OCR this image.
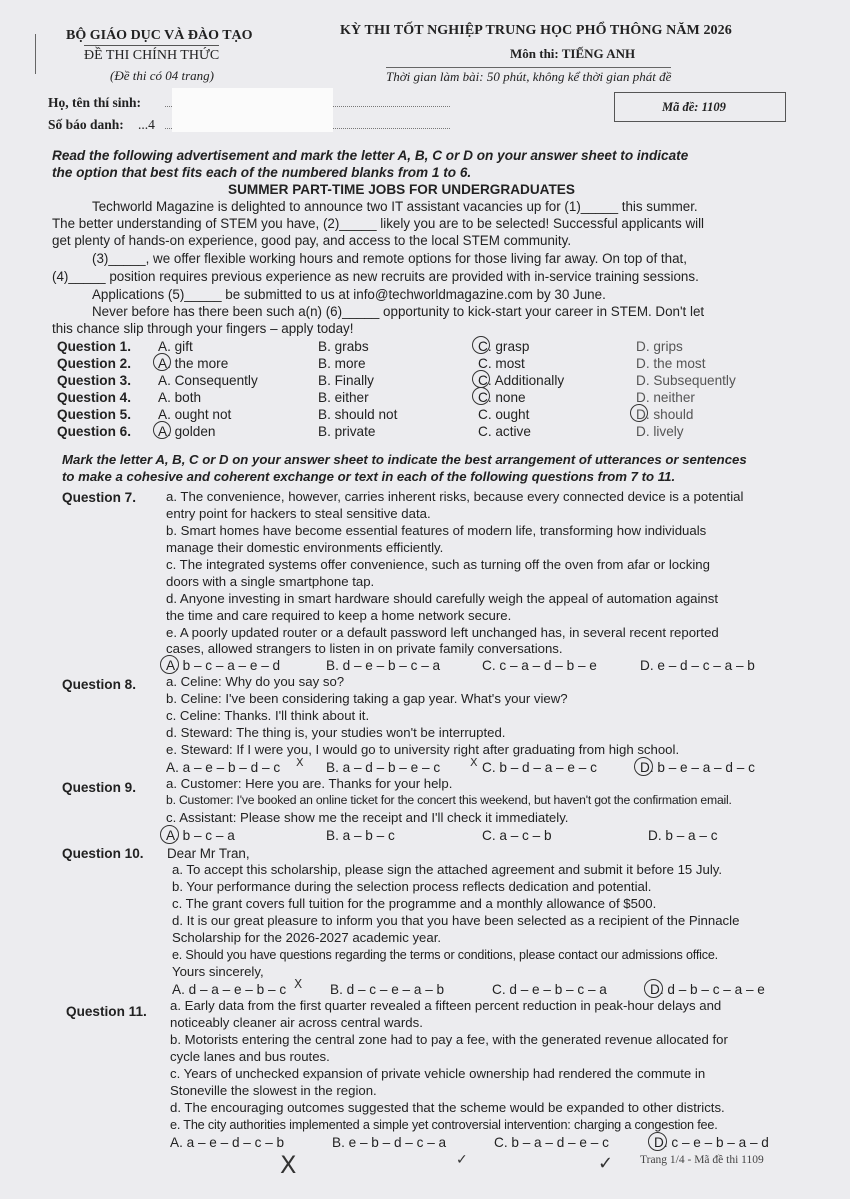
BỘ GIÁO DỤC VÀ ĐÀO TẠO
ĐỀ THI CHÍNH THỨC
(Đề thi có 04 trang)
KỲ THI TỐT NGHIỆP TRUNG HỌC PHỔ THÔNG NĂM 2026
Môn thi: TIẾNG ANH
Thời gian làm bài: 50 phút, không kể thời gian phát đề
Họ, tên thí sinh:
Số báo danh: ...4
Mã đề: 1109
Read the following advertisement and mark the letter A, B, C or D on your answer sheet to indicate
the option that best fits each of the numbered blanks from 1 to 6.
SUMMER PART-TIME JOBS FOR UNDERGRADUATES
Techworld Magazine is delighted to announce two IT assistant vacancies up for (1)_____ this summer.
The better understanding of STEM you have, (2)_____ likely you are to be selected! Successful applicants will
get plenty of hands-on experience, good pay, and access to the local STEM community.
(3)_____, we offer flexible working hours and remote options for those living far away. On top of that,
(4)_____ position requires previous experience as new recruits are provided with in-service training sessions.
Applications (5)_____ be submitted to us at info@techworldmagazine.com by 30 June.
Never before has there been such a(n) (6)_____ opportunity to kick-start your career in STEM. Don't let
this chance slip through your fingers – apply today!
Question 1. A. gift	B. grabs	C. grasp	D. grips
Question 2. A. the more	B. more	C. most	D. the most
Question 3. A. Consequently	B. Finally	C. Additionally	D. Subsequently
Question 4. A. both	B. either	C. none	D. neither
Question 5. A. ought not	B. should not	C. ought	D. should
Question 6. A. golden	B. private	C. active	D. lively
Mark the letter A, B, C or D on your answer sheet to indicate the best arrangement of utterances or sentences
to make a cohesive and coherent exchange or text in each of the following questions from 7 to 11.
Question 7. a. The convenience, however, carries inherent risks, because every connected device is a potential
entry point for hackers to steal sensitive data.
b. Smart homes have become essential features of modern life, transforming how individuals
manage their domestic environments efficiently.
c. The integrated systems offer convenience, such as turning off the oven from afar or locking
doors with a single smartphone tap.
d. Anyone investing in smart hardware should carefully weigh the appeal of automation against
the time and care required to keep a home network secure.
e. A poorly updated router or a default password left unchanged has, in several recent reported
cases, allowed strangers to listen in on private family conversations.
A. b – c – a – e – d	B. d – e – b – c – a	C. c – a – d – b – e	D. e – d – c – a – b
Question 8. a. Celine: Why do you say so?
b. Celine: I've been considering taking a gap year. What's your view?
c. Celine: Thanks. I'll think about it.
d. Steward: The thing is, your studies won't be interrupted.
e. Steward: If I were you, I would go to university right after graduating from high school.
A. a – e – b – d – c	B. a – d – b – e – c	C. b – d – a – e – c	D. b – e – a – d – c
Question 9. a. Customer: Here you are. Thanks for your help.
b. Customer: I've booked an online ticket for the concert this weekend, but haven't got the confirmation email.
c. Assistant: Please show me the receipt and I'll check it immediately.
A. b – c – a	B. a – b – c	C. a – c – b	D. b – a – c
Question 10. Dear Mr Tran,
a. To accept this scholarship, please sign the attached agreement and submit it before 15 July.
b. Your performance during the selection process reflects dedication and potential.
c. The grant covers full tuition for the programme and a monthly allowance of $500.
d. It is our great pleasure to inform you that you have been selected as a recipient of the Pinnacle
Scholarship for the 2026-2027 academic year.
e. Should you have questions regarding the terms or conditions, please contact our admissions office.
Yours sincerely,
A. d – a – e – b – c	B. d – c – e – a – b	C. d – e – b – c – a	D. d – b – c – a – e
Question 11. a. Early data from the first quarter revealed a fifteen percent reduction in peak-hour delays and
noticeably cleaner air across central wards.
b. Motorists entering the central zone had to pay a fee, with the generated revenue allocated for
cycle lanes and bus routes.
c. Years of unchecked expansion of private vehicle ownership had rendered the commute in
Stoneville the slowest in the region.
d. The encouraging outcomes suggested that the scheme would be expanded to other districts.
e. The city authorities implemented a simple yet controversial intervention: charging a congestion fee.
A. a – e – d – c – b	B. e – b – d – c – a	C. b – a – d – e – c	D. c – e – b – a – d
X	X
X
X	✓	✓ Trang 1/4 - Mã đề thi 1109
